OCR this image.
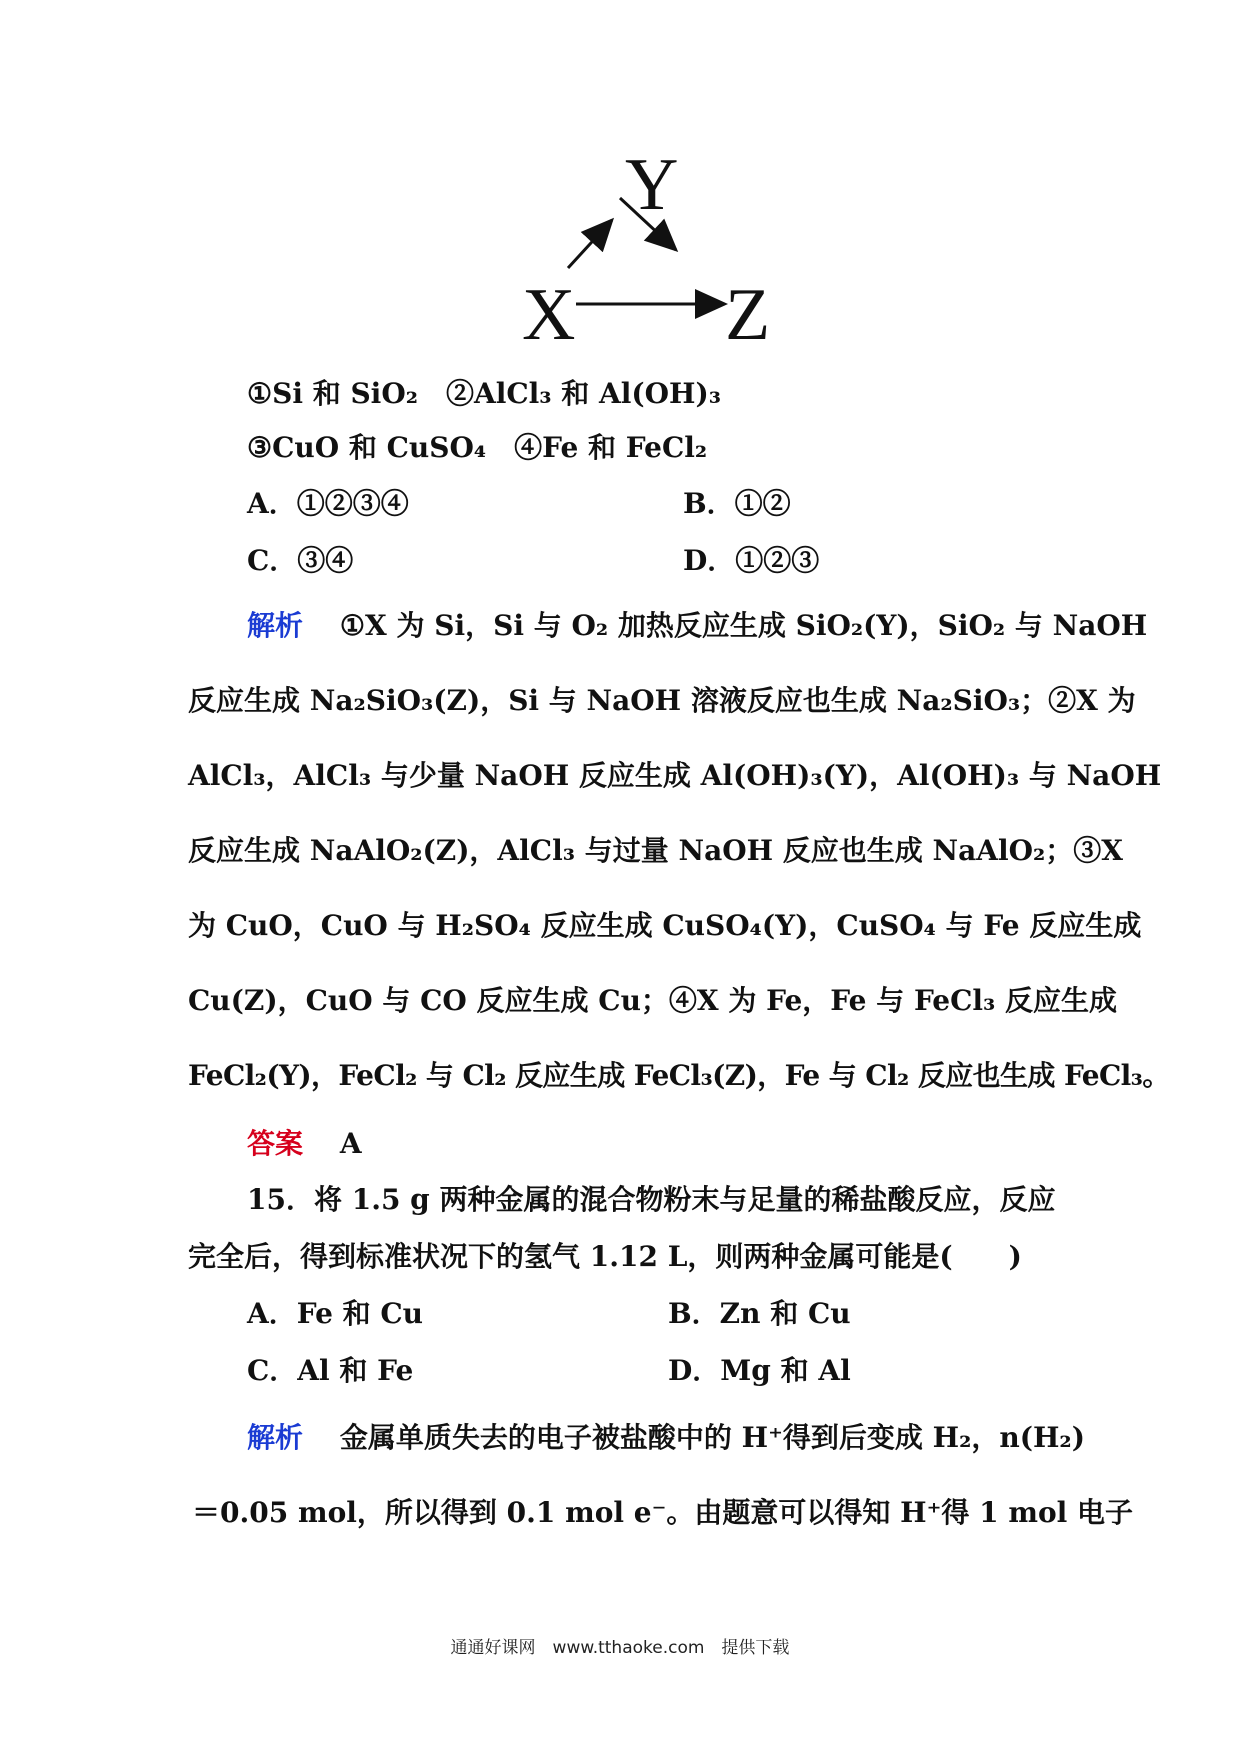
Y
X Z
①Si 和 SiO₂　②AlCl₃ 和 Al(OH)₃
③CuO 和 CuSO₄　④Fe 和 FeCl₂
A．①②③④	B．①②
C．③④	D．①②③
解析 ①X 为 Si，Si 与 O₂ 加热反应生成 SiO₂(Y)，SiO₂ 与 NaOH
反应生成 Na₂SiO₃(Z)，Si 与 NaOH 溶液反应也生成 Na₂SiO₃；②X 为
AlCl₃，AlCl₃ 与少量 NaOH 反应生成 Al(OH)₃(Y)，Al(OH)₃ 与 NaOH
反应生成 NaAlO₂(Z)，AlCl₃ 与过量 NaOH 反应也生成 NaAlO₂；③X
为 CuO，CuO 与 H₂SO₄ 反应生成 CuSO₄(Y)，CuSO₄ 与 Fe 反应生成
Cu(Z)，CuO 与 CO 反应生成 Cu；④X 为 Fe，Fe 与 FeCl₃ 反应生成
FeCl₂(Y)，FeCl₂ 与 Cl₂ 反应生成 FeCl₃(Z)，Fe 与 Cl₂ 反应也生成 FeCl₃。
答案 A
15．将 1.5 g 两种金属的混合物粉末与足量的稀盐酸反应，反应
完全后，得到标准状况下的氢气 1.12 L，则两种金属可能是(　　)
A．Fe 和 Cu	B．Zn 和 Cu
C．Al 和 Fe	D．Mg 和 Al
解析 金属单质失去的电子被盐酸中的 H⁺得到后变成 H₂，n(H₂)
＝0.05 mol，所以得到 0.1 mol e⁻。由题意可以得知 H⁺得 1 mol 电子
通通好课网　www.tthaoke.com　提供下载
